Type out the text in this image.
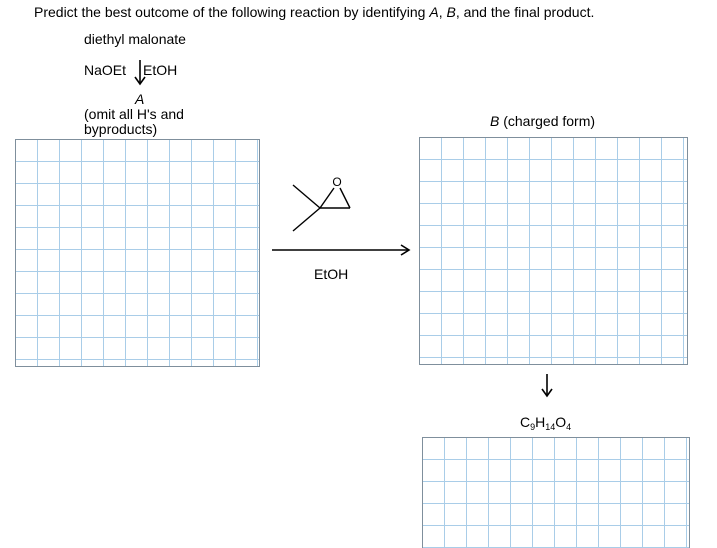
Predict the best outcome of the following reaction by identifying A, B, and the final product.
diethyl malonate
NaOEt EtOH
A
(omit all H's and
byproducts)
O
EtOH
B (charged form)
$C_9H_{14}O_4$
